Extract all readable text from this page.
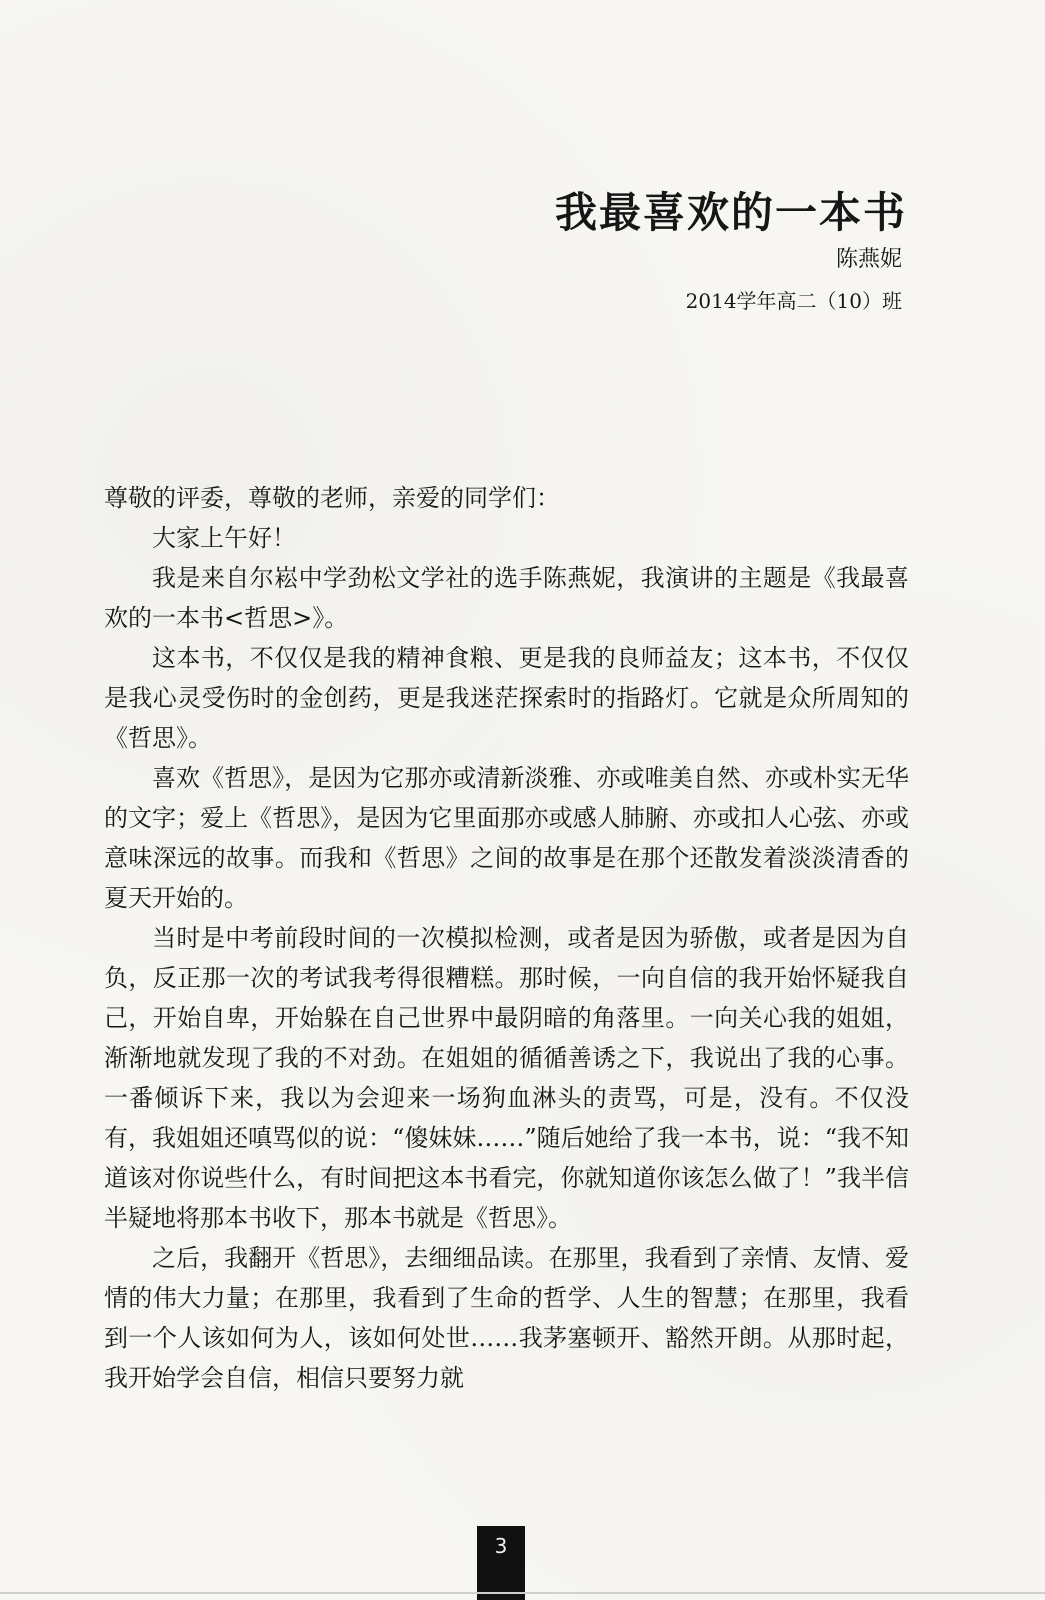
我最喜欢的一本书

陈燕妮

2014学年高二（10）班

尊敬的评委，尊敬的老师，亲爱的同学们：

大家上午好！

我是来自尔崧中学劲松文学社的选手陈燕妮，我演讲的主题是《我最喜欢的一本书<哲思>》。

这本书，不仅仅是我的精神食粮、更是我的良师益友；这本书，不仅仅是我心灵受伤时的金创药，更是我迷茫探索时的指路灯。它就是众所周知的《哲思》。

喜欢《哲思》，是因为它那亦或清新淡雅、亦或唯美自然、亦或朴实无华的文字；爱上《哲思》，是因为它里面那亦或感人肺腑、亦或扣人心弦、亦或意味深远的故事。而我和《哲思》之间的故事是在那个还散发着淡淡清香的夏天开始的。

当时是中考前段时间的一次模拟检测，或者是因为骄傲，或者是因为自负，反正那一次的考试我考得很糟糕。那时候，一向自信的我开始怀疑我自己，开始自卑，开始躲在自己世界中最阴暗的角落里。一向关心我的姐姐，渐渐地就发现了我的不对劲。在姐姐的循循善诱之下，我说出了我的心事。一番倾诉下来，我以为会迎来一场狗血淋头的责骂，可是，没有。不仅没有，我姐姐还嗔骂似的说：“傻妹妹……”随后她给了我一本书，说：“我不知道该对你说些什么，有时间把这本书看完，你就知道你该怎么做了！”我半信半疑地将那本书收下，那本书就是《哲思》。

之后，我翻开《哲思》，去细细品读。在那里，我看到了亲情、友情、爱情的伟大力量；在那里，我看到了生命的哲学、人生的智慧；在那里，我看到一个人该如何为人，该如何处世……我茅塞顿开、豁然开朗。从那时起，我开始学会自信，相信只要努力就

3
